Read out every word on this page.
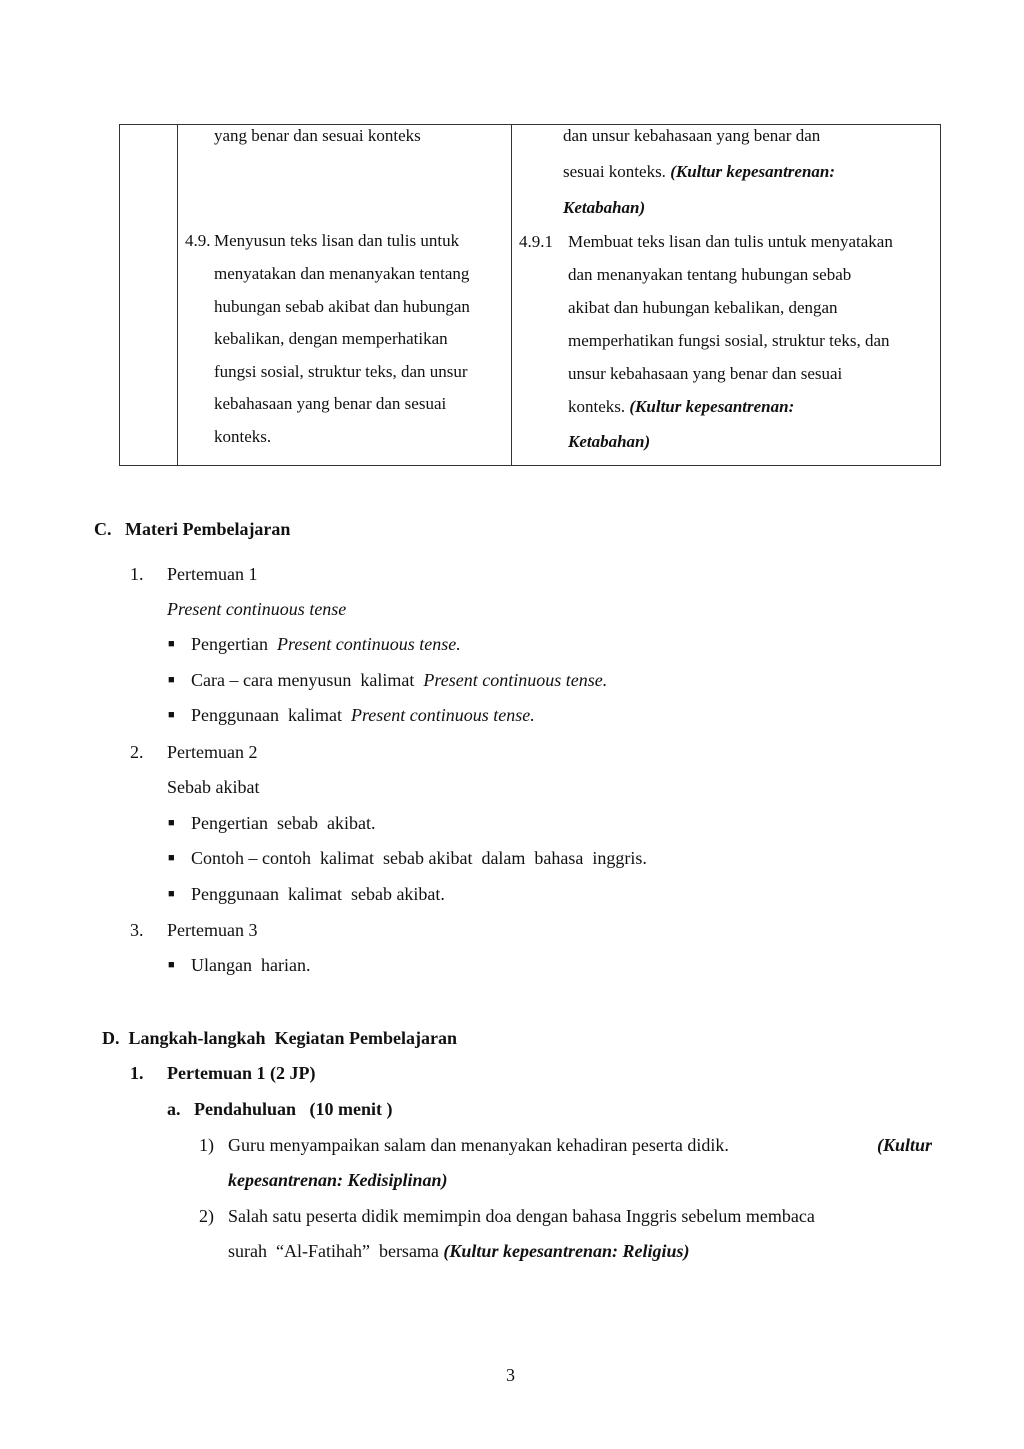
yang benar dan sesuai konteks	dan unsur kebahasaan yang benar dan
sesuai konteks. (Kultur kepesantrenan:
Ketabahan)
4.9. Menyusun teks lisan dan tulis untuk
menyatakan dan menanyakan tentang
hubungan sebab akibat dan hubungan
kebalikan, dengan memperhatikan
fungsi sosial, struktur teks, dan unsur
kebahasaan yang benar dan sesuai
konteks.
4.9.1 Membuat teks lisan dan tulis untuk menyatakan
dan menanyakan tentang hubungan sebab
akibat dan hubungan kebalikan, dengan
memperhatikan fungsi sosial, struktur teks, dan
unsur kebahasaan yang benar dan sesuai
konteks. (Kultur kepesantrenan:
Ketabahan)
C.   Materi Pembelajaran
1. Pertemuan 1
Present continuous tense
■ Pengertian  Present continuous tense.
■ Cara – cara menyusun  kalimat  Present continuous tense.
■ Penggunaan  kalimat  Present continuous tense.
2. Pertemuan 2
Sebab akibat
■ Pengertian  sebab  akibat.
■ Contoh – contoh  kalimat  sebab akibat  dalam  bahasa  inggris.
■ Penggunaan  kalimat  sebab akibat.
3. Pertemuan 3
■ Ulangan  harian.
D.  Langkah-langkah  Kegiatan Pembelajaran
1. Pertemuan 1 (2 JP)
a.   Pendahuluan   (10 menit )
1) Guru menyampaikan salam dan menanyakan kehadiran peserta didik.	(Kultur
kepesantrenan: Kedisiplinan)
2) Salah satu peserta didik memimpin doa dengan bahasa Inggris sebelum membaca
surah  “Al-Fatihah”  bersama (Kultur kepesantrenan: Religius)
3
